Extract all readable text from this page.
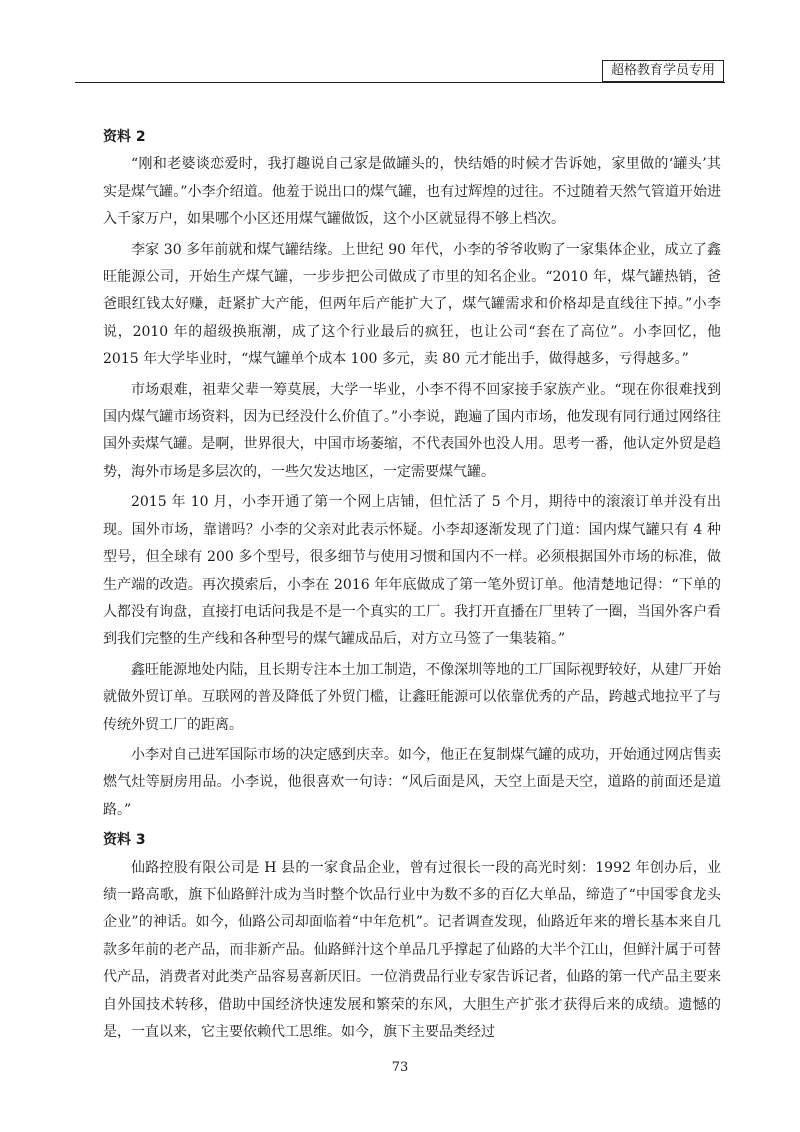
超格教育学员专用
资料 2

“刚和老婆谈恋爱时，我打趣说自己家是做罐头的，快结婚的时候才告诉她，家里做的‘罐头’其实是煤气罐。”小李介绍道。他羞于说出口的煤气罐，也有过辉煌的过往。不过随着天然气管道开始进入千家万户，如果哪个小区还用煤气罐做饭，这个小区就显得不够上档次。

李家 30 多年前就和煤气罐结缘。上世纪 90 年代，小李的爷爷收购了一家集体企业，成立了鑫旺能源公司，开始生产煤气罐，一步步把公司做成了市里的知名企业。“2010 年，煤气罐热销，爸爸眼红钱太好赚，赶紧扩大产能，但两年后产能扩大了，煤气罐需求和价格却是直线往下掉。”小李说，2010 年的超级换瓶潮，成了这个行业最后的疯狂，也让公司“套在了高位”。小李回忆，他 2015 年大学毕业时，“煤气罐单个成本 100 多元，卖 80 元才能出手，做得越多，亏得越多。”

市场艰难，祖辈父辈一筹莫展，大学一毕业，小李不得不回家接手家族产业。“现在你很难找到国内煤气罐市场资料，因为已经没什么价值了。”小李说，跑遍了国内市场，他发现有同行通过网络往国外卖煤气罐。是啊，世界很大，中国市场萎缩，不代表国外也没人用。思考一番，他认定外贸是趋势，海外市场是多层次的，一些欠发达地区，一定需要煤气罐。

2015 年 10 月，小李开通了第一个网上店铺，但忙活了 5 个月，期待中的滚滚订单并没有出现。国外市场，靠谱吗？小李的父亲对此表示怀疑。小李却逐渐发现了门道：国内煤气罐只有 4 种型号，但全球有 200 多个型号，很多细节与使用习惯和国内不一样。必须根据国外市场的标准，做生产端的改造。再次摸索后，小李在 2016 年年底做成了第一笔外贸订单。他清楚地记得：“下单的人都没有询盘，直接打电话问我是不是一个真实的工厂。我打开直播在厂里转了一圈，当国外客户看到我们完整的生产线和各种型号的煤气罐成品后，对方立马签了一集装箱。”

鑫旺能源地处内陆，且长期专注本土加工制造，不像深圳等地的工厂国际视野较好，从建厂开始就做外贸订单。互联网的普及降低了外贸门槛，让鑫旺能源可以依靠优秀的产品，跨越式地拉平了与传统外贸工厂的距离。

小李对自己进军国际市场的决定感到庆幸。如今，他正在复制煤气罐的成功，开始通过网店售卖燃气灶等厨房用品。小李说，他很喜欢一句诗：“风后面是风，天空上面是天空，道路的前面还是道路。”

资料 3

仙路控股有限公司是 H 县的一家食品企业，曾有过很长一段的高光时刻：1992 年创办后，业绩一路高歌，旗下仙路鲜汁成为当时整个饮品行业中为数不多的百亿大单品，缔造了“中国零食龙头企业”的神话。如今，仙路公司却面临着“中年危机”。记者调查发现，仙路近年来的增长基本来自几款多年前的老产品，而非新产品。仙路鲜汁这个单品几乎撑起了仙路的大半个江山，但鲜汁属于可替代产品，消费者对此类产品容易喜新厌旧。一位消费品行业专家告诉记者，仙路的第一代产品主要来自外国技术转移，借助中国经济快速发展和繁荣的东风，大胆生产扩张才获得后来的成绩。遗憾的是，一直以来，它主要依赖代工思维。如今，旗下主要品类经过

73
